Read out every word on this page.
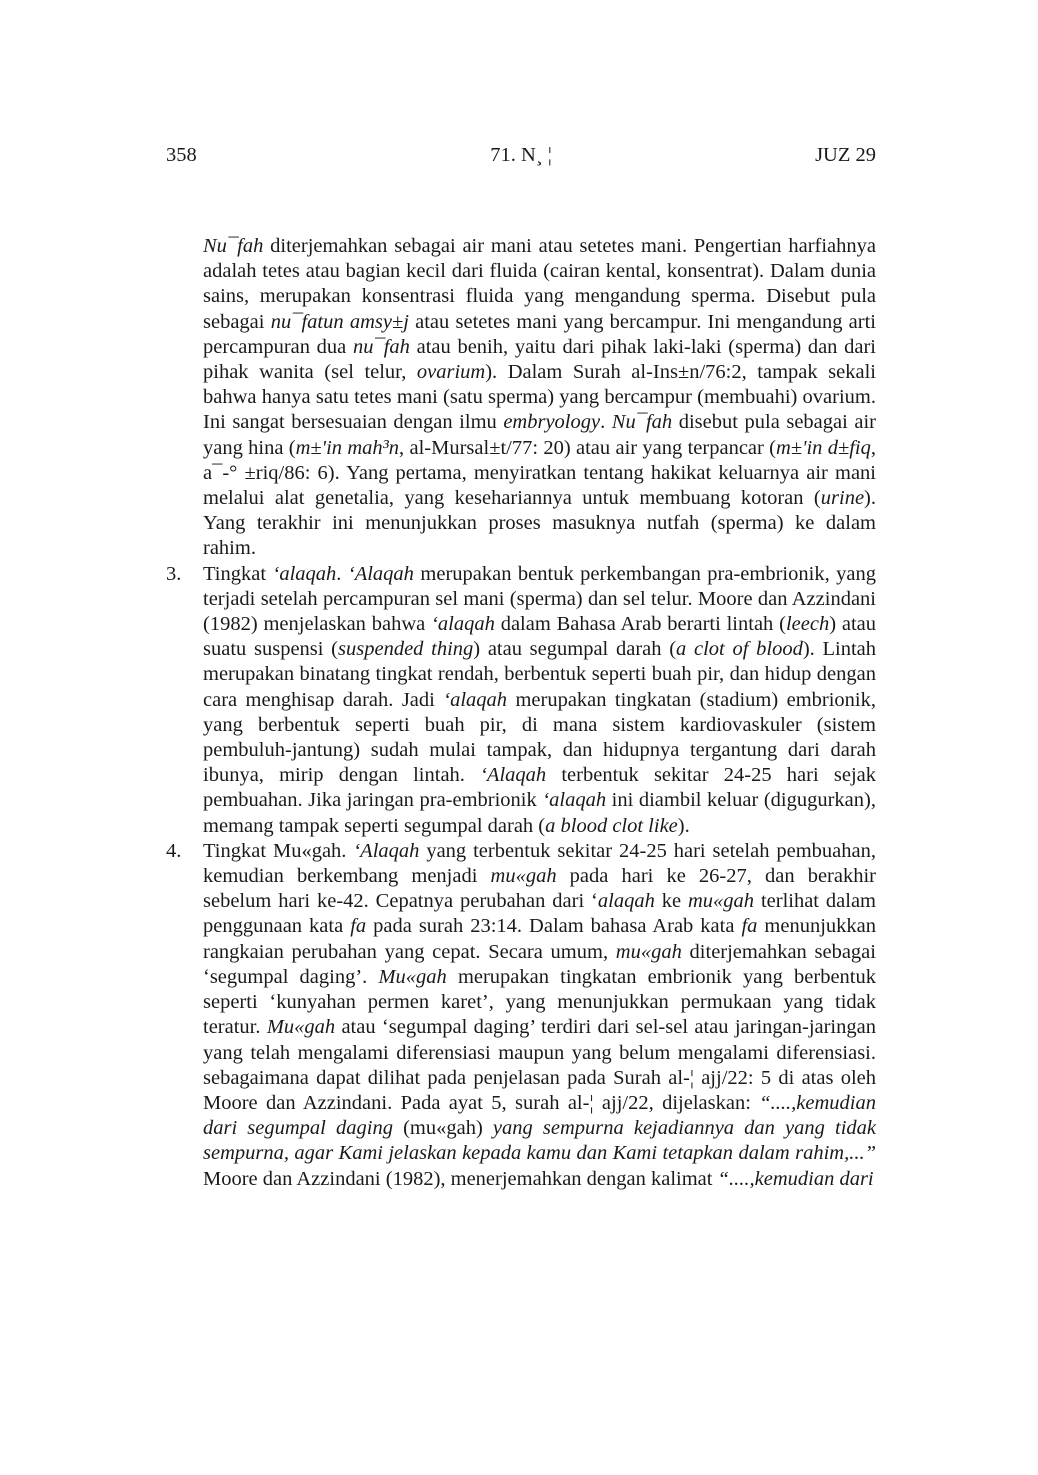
358	71. N¸ ¦	JUZ 29

Nu¯fah diterjemahkan sebagai air mani atau setetes mani. Pengertian harfiahnya adalah tetes atau bagian kecil dari fluida (cairan kental, konsentrat). Dalam dunia sains, merupakan konsentrasi fluida yang mengandung sperma. Disebut pula sebagai nu¯fatun amsy±j atau setetes mani yang bercampur. Ini mengandung arti percampuran dua nu¯fah atau benih, yaitu dari pihak laki-laki (sperma) dan dari pihak wanita (sel telur, ovarium). Dalam Surah al-Ins±n/76:2, tampak sekali bahwa hanya satu tetes mani (satu sperma) yang bercampur (membuahi) ovarium. Ini sangat bersesuaian dengan ilmu embryology. Nu¯fah disebut pula sebagai air yang hina (m±'in mah³n, al-Mursal±t/77: 20) atau air yang terpancar (m±'in d±fiq, a¯-° ±riq/86: 6). Yang pertama, menyiratkan tentang hakikat keluarnya air mani melalui alat genetalia, yang kesehariannya untuk membuang kotoran (urine). Yang terakhir ini menunjukkan proses masuknya nutfah (sperma) ke dalam rahim.

3. Tingkat ‘alaqah. ‘Alaqah merupakan bentuk perkembangan pra-embrionik, yang terjadi setelah percampuran sel mani (sperma) dan sel telur. Moore dan Azzindani (1982) menjelaskan bahwa ‘alaqah dalam Bahasa Arab berarti lintah (leech) atau suatu suspensi (suspended thing) atau segumpal darah (a clot of blood). Lintah merupakan binatang tingkat rendah, berbentuk seperti buah pir, dan hidup dengan cara menghisap darah. Jadi ‘alaqah merupakan tingkatan (stadium) embrionik, yang berbentuk seperti buah pir, di mana sistem kardiovaskuler (sistem pembuluh-jantung) sudah mulai tampak, dan hidupnya tergantung dari darah ibunya, mirip dengan lintah. ‘Alaqah terbentuk sekitar 24-25 hari sejak pembuahan. Jika jaringan pra-embrionik ‘alaqah ini diambil keluar (digugurkan), memang tampak seperti segumpal darah (a blood clot like).
4. Tingkat Mu«gah. ‘Alaqah yang terbentuk sekitar 24-25 hari setelah pembuahan, kemudian berkembang menjadi mu«gah pada hari ke 26-27, dan berakhir sebelum hari ke-42. Cepatnya perubahan dari ‘alaqah ke mu«gah terlihat dalam penggunaan kata fa pada surah 23:14. Dalam bahasa Arab kata fa menunjukkan rangkaian perubahan yang cepat. Secara umum, mu«gah diterjemahkan sebagai ‘segumpal daging’. Mu«gah merupakan tingkatan embrionik yang berbentuk seperti ‘kunyahan permen karet’, yang menunjukkan permukaan yang tidak teratur. Mu«gah atau ‘segumpal daging’ terdiri dari sel-sel atau jaringan-jaringan yang telah mengalami diferensiasi maupun yang belum mengalami diferensiasi. sebagaimana dapat dilihat pada penjelasan pada Surah al-¦ ajj/22: 5 di atas oleh Moore dan Azzindani. Pada ayat 5, surah al-¦ ajj/22, dijelaskan: “....,kemudian dari segumpal daging (mu«gah) yang sempurna kejadiannya dan yang tidak sempurna, agar Kami jelaskan kepada kamu dan Kami tetapkan dalam rahim,...” Moore dan Azzindani (1982), menerjemahkan dengan kalimat “....,kemudian dari
